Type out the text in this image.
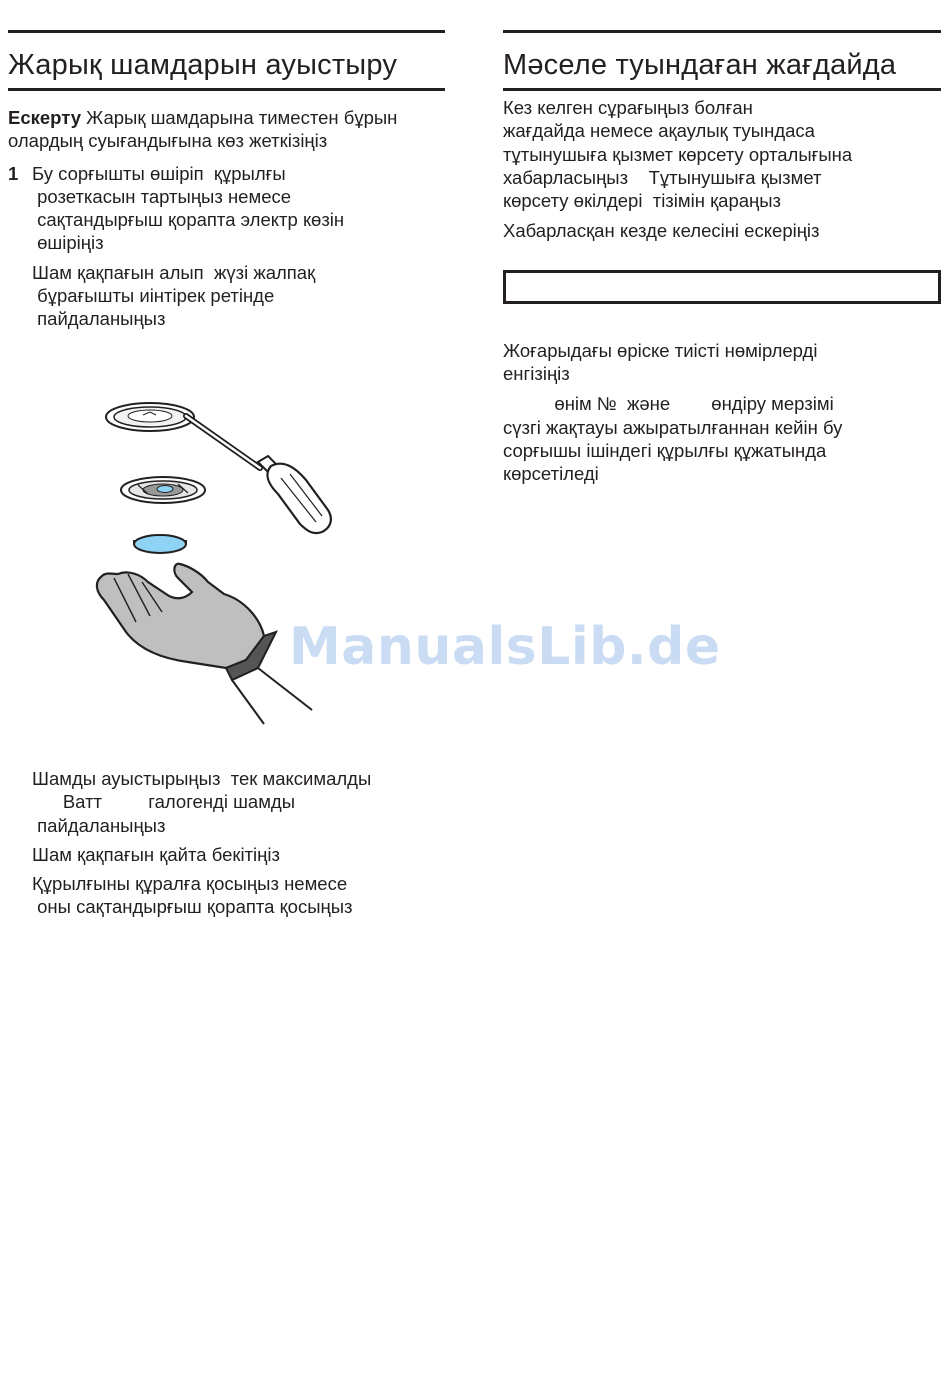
Жарық шамдарын ауыстыру

Ескерту Жарық шамдарына тиместен бұрын олардың суығандығына көз жеткізіңіз

1 Бу сорғышты өшіріп  құрылғы
розеткасын тартыңыз немесе
сақтандырғыш қорапта электр көзін
өшіріңіз

Шам қақпағын алып  жүзі жалпақ
бұрағышты иінтірек ретінде
пайдаланыңыз

ManualsLib.de

Шамды ауыстырыңыз  тек максималды
Ватт         галогенді шамды
пайдаланыңыз

Шам қақпағын қайта бекітіңіз

Құрылғыны құралға қосыңыз немесе
оны сақтандырғыш қорапта қосыңыз

Мәселе туындаған жағдайда

Кез келген сұрағыңыз болған
жағдайда немесе ақаулық туындаса
тұтынушыға қызмет көрсету орталығына
хабарласыңыз    Тұтынушыға қызмет
көрсету өкілдері  тізімін қараңыз

Хабарласқан кезде келесіні ескеріңіз

Жоғарыдағы өріске тиісті нөмірлерді
енгізіңіз

өнім №  және        өндіру мерзімі
сүзгі жақтауы ажыратылғаннан кейін бу
сорғышы ішіндегі құрылғы құжатында
көрсетіледі
